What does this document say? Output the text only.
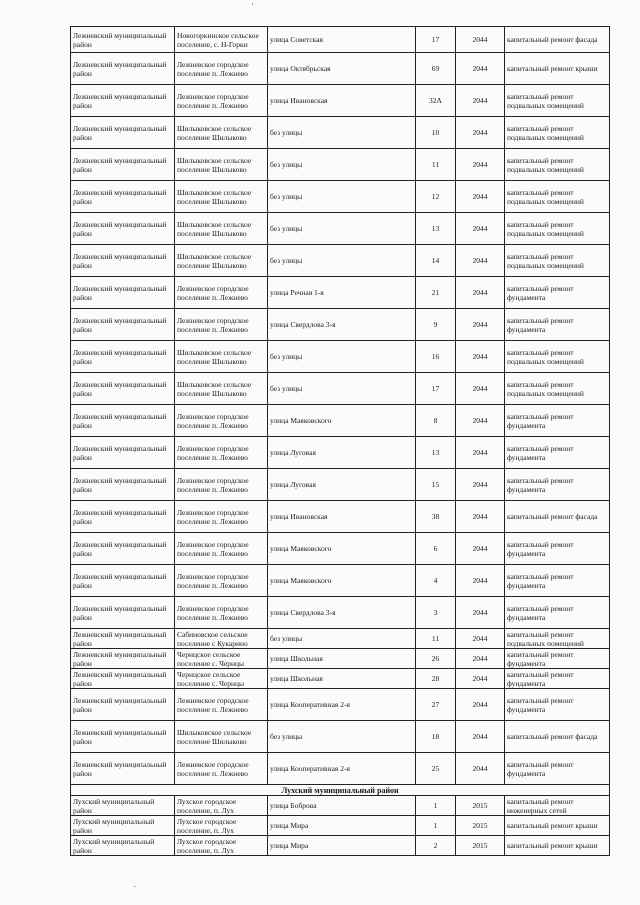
'
.
Лежневский муниципальный район	Новогоркинское сельское поселение, с. Н-Горки	улица Советская	17	2044	капитальный ремонт фасада
Лежневский муниципальный район	Лежневское городское поселение п. Лежнево	улица Октябрьская	69	2044	капитальный ремонт крыши
Лежневский муниципальный район	Лежневское городское поселение п. Лежнево	улица Ивановская	32А	2044	капитальный ремонт подвальных помещений
Лежневский муниципальный район	Шилыковское сельское поселение Шилыково	без улицы	10	2044	капитальный ремонт подвальных помещений
Лежневский муниципальный район	Шилыковское сельское поселение Шилыково	без улицы	11	2044	капитальный ремонт подвальных помещений
Лежневский муниципальный район	Шилыковское сельское поселение Шилыково	без улицы	12	2044	капитальный ремонт подвальных помещений
Лежневский муниципальный район	Шилыковское сельское поселение Шилыково	без улицы	13	2044	капитальный ремонт подвальных помещений
Лежневский муниципальный район	Шилыковское сельское поселение Шилыково	без улицы	14	2044	капитальный ремонт подвальных помещений
Лежневский муниципальный район	Лежневское городское поселение п. Лежнево	улица Речная 1-я	21	2044	капитальный ремонт фундамента
Лежневский муниципальный район	Лежневское городское поселение п. Лежнево	улица Свердлова 3-я	9	2044	капитальный ремонт фундамента
Лежневский муниципальный район	Шилыковское сельское поселение Шилыково	без улицы	16	2044	капитальный ремонт подвальных помещений
Лежневский муниципальный район	Шилыковское сельское поселение Шилыково	без улицы	17	2044	капитальный ремонт подвальных помещений
Лежневский муниципальный район	Лежневское городское поселение п. Лежнево	улица Маяковского	8	2044	капитальный ремонт фундамента
Лежневский муниципальный район	Лежневское городское поселение п. Лежнево	улица Луговая	13	2044	капитальный ремонт фундамента
Лежневский муниципальный район	Лежневское городское поселение п. Лежнево	улица Луговая	15	2044	капитальный ремонт фундамента
Лежневский муниципальный район	Лежневское городское поселение п. Лежнево	улица Ивановская	38	2044	капитальный ремонт фасада
Лежневский муниципальный район	Лежневское городское поселение п. Лежнево	улица Маяковского	6	2044	капитальный ремонт фундамента
Лежневский муниципальный район	Лежневское городское поселение п. Лежнево	улица Маяковского	4	2044	капитальный ремонт фундамента
Лежневский муниципальный район	Лежневское городское поселение п. Лежнево	улица Свердлова 3-я	3	2044	капитальный ремонт фундамента
Лежневский муниципальный район	Сабиновское сельское поселение с Кукарино	без улицы	11	2044	капитальный ремонт подвальных помещений
Лежневский муниципальный район	Чернцское сельское поселение с. Чернцы	улица Школьная	26	2044	капитальный ремонт фундамента
Лежневский муниципальный район	Чернцское сельское поселение с. Чернцы	улица Школьная	28	2044	капитальный ремонт фундамента
Лежневский муниципальный район	Лежневское городское поселение п. Лежнево	улица Кооперативная 2-я	27	2044	капитальный ремонт фундамента
Лежневский муниципальный район	Шилыковское сельское поселение Шилыково	без улицы	18	2044	капитальный ремонт фасада
Лежневский муниципальный район	Лежневское городское поселение п. Лежнево	улица Кооперативная 2-я	25	2044	капитальный ремонт фундамента
Лухский муниципальный район					
Лухский муниципальный район	Лухское городское поселение, п. Лух	улица Боброва	1	2015	капитальный ремонт инженерных сетей
Лухский муниципальный район	Лухское городское поселение, п. Лух	улица Мира	1	2015	капитальный ремонт крыши
Лухский муниципальный район	Лухское городское поселение, п. Лух	улица Мира	2	2015	капитальный ремонт крыши
